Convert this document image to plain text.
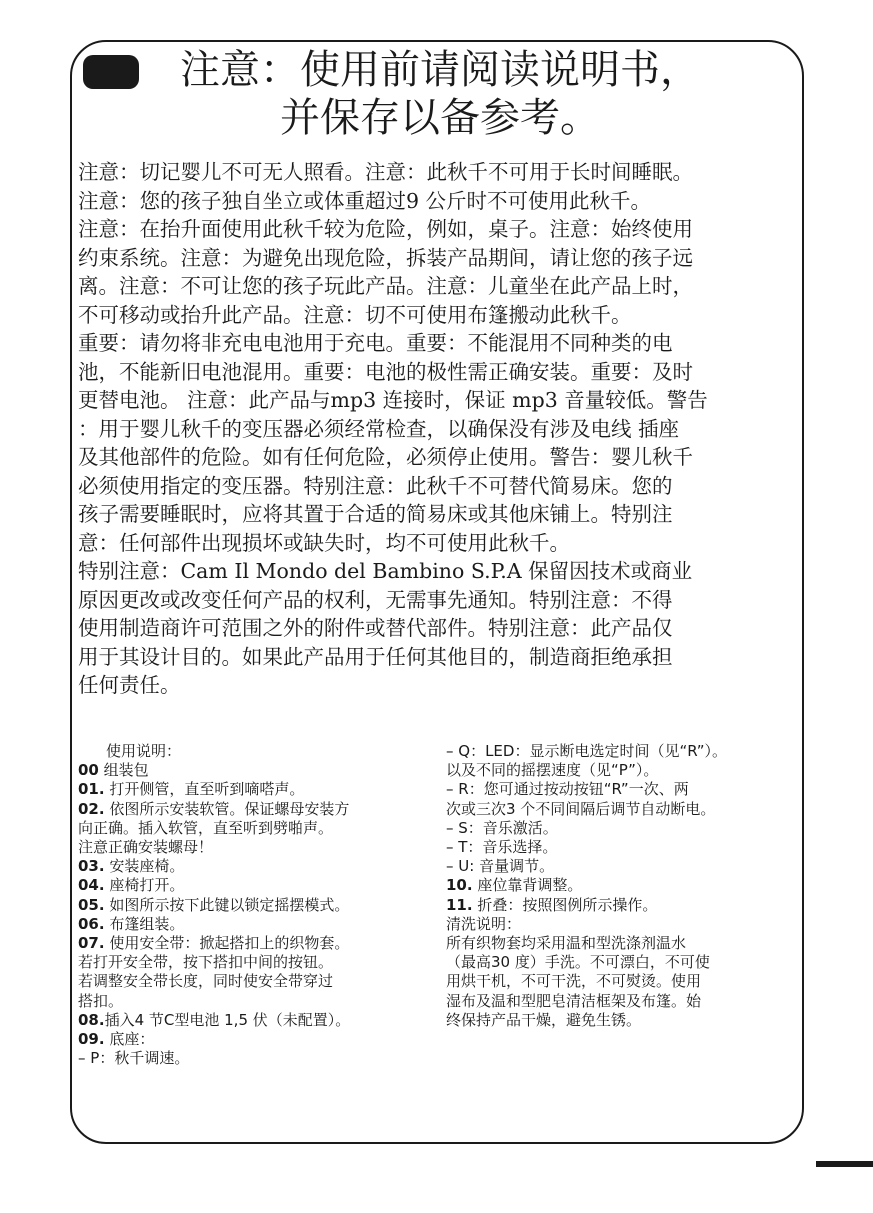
注意：使用前请阅读说明书，
并保存以备参考。
注意：切记婴儿不可无人照看。注意：此秋千不可用于长时间睡眠。
注意：您的孩子独自坐立或体重超过9 公斤时不可使用此秋千。
注意：在抬升面使用此秋千较为危险，例如，桌子。注意：始终使用
约束系统。注意：为避免出现危险，拆装产品期间，请让您的孩子远
离。注意：不可让您的孩子玩此产品。注意：儿童坐在此产品上时，
不可移动或抬升此产品。注意：切不可使用布篷搬动此秋千。
重要：请勿将非充电电池用于充电。重要：不能混用不同种类的电
池，不能新旧电池混用。重要：电池的极性需正确安装。重要：及时
更替电池。 注意：此产品与mp3 连接时，保证 mp3 音量较低。警告
：用于婴儿秋千的变压器必须经常检查，以确保没有涉及电线 插座
及其他部件的危险。如有任何危险，必须停止使用。警告：婴儿秋千
必须使用指定的变压器。特别注意：此秋千不可替代简易床。您的
孩子需要睡眠时，应将其置于合适的简易床或其他床铺上。特别注
意：任何部件出现损坏或缺失时，均不可使用此秋千。
特别注意：Cam Il Mondo del Bambino S.P.A 保留因技术或商业
原因更改或改变任何产品的权利，无需事先通知。特别注意：不得
使用制造商许可范围之外的附件或替代部件。特别注意：此产品仅
用于其设计目的。如果此产品用于任何其他目的，制造商拒绝承担
任何责任。
使用说明：
00 组装包
01. 打开侧管，直至听到嘀嗒声。
02. 依图所示安装软管。保证螺母安装方
向正确。插入软管，直至听到劈啪声。
注意正确安装螺母！
03. 安装座椅。
04. 座椅打开。
05. 如图所示按下此键以锁定摇摆模式。
06. 布篷组装。
07. 使用安全带：掀起搭扣上的织物套。
若打开安全带，按下搭扣中间的按钮。
若调整安全带长度，同时使安全带穿过
搭扣。
08.插入4 节C型电池 1,5 伏（未配置）。
09. 底座：
– P：秋千调速。
– Q：LED：显示断电选定时间（见“R”）。
以及不同的摇摆速度（见“P”）。
– R：您可通过按动按钮“R”一次、两
次或三次3 个不同间隔后调节自动断电。
– S：音乐激活。
– T：音乐选择。
– U: 音量调节。
10. 座位靠背调整。
11. 折叠：按照图例所示操作。
清洗说明：
所有织物套均采用温和型洗涤剂温水
（最高30 度）手洗。不可漂白，不可使
用烘干机，不可干洗，不可熨烫。使用
湿布及温和型肥皂清洁框架及布篷。始
终保持产品干燥，避免生锈。
